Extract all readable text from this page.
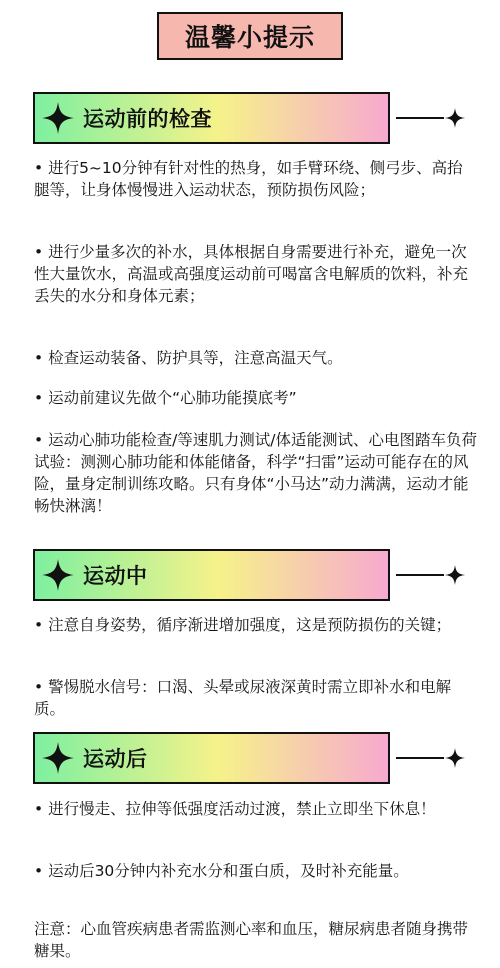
温馨小提示
运动前的检查
• 进行5~10分钟有针对性的热身，如手臂环绕、侧弓步、高抬腿等，让身体慢慢进入运动状态，预防损伤风险；
• 进行少量多次的补水，具体根据自身需要进行补充，避免一次性大量饮水，高温或高强度运动前可喝富含电解质的饮料，补充丢失的水分和身体元素；
• 检查运动装备、防护具等，注意高温天气。
• 运动前建议先做个“心肺功能摸底考”
• 运动心肺功能检查/等速肌力测试/体适能测试、心电图踏车负荷试验：测测心肺功能和体能储备，科学“扫雷”运动可能存在的风险，量身定制训练攻略。只有身体“小马达”动力满满，运动才能畅快淋漓！
运动中
• 注意自身姿势，循序渐进增加强度，这是预防损伤的关键；
• 警惕脱水信号：口渴、头晕或尿液深黄时需立即补水和电解质。
运动后
• 进行慢走、拉伸等低强度活动过渡，禁止立即坐下休息！
• 运动后30分钟内补充水分和蛋白质，及时补充能量。
注意：心血管疾病患者需监测心率和血压，糖尿病患者随身携带糖果。
